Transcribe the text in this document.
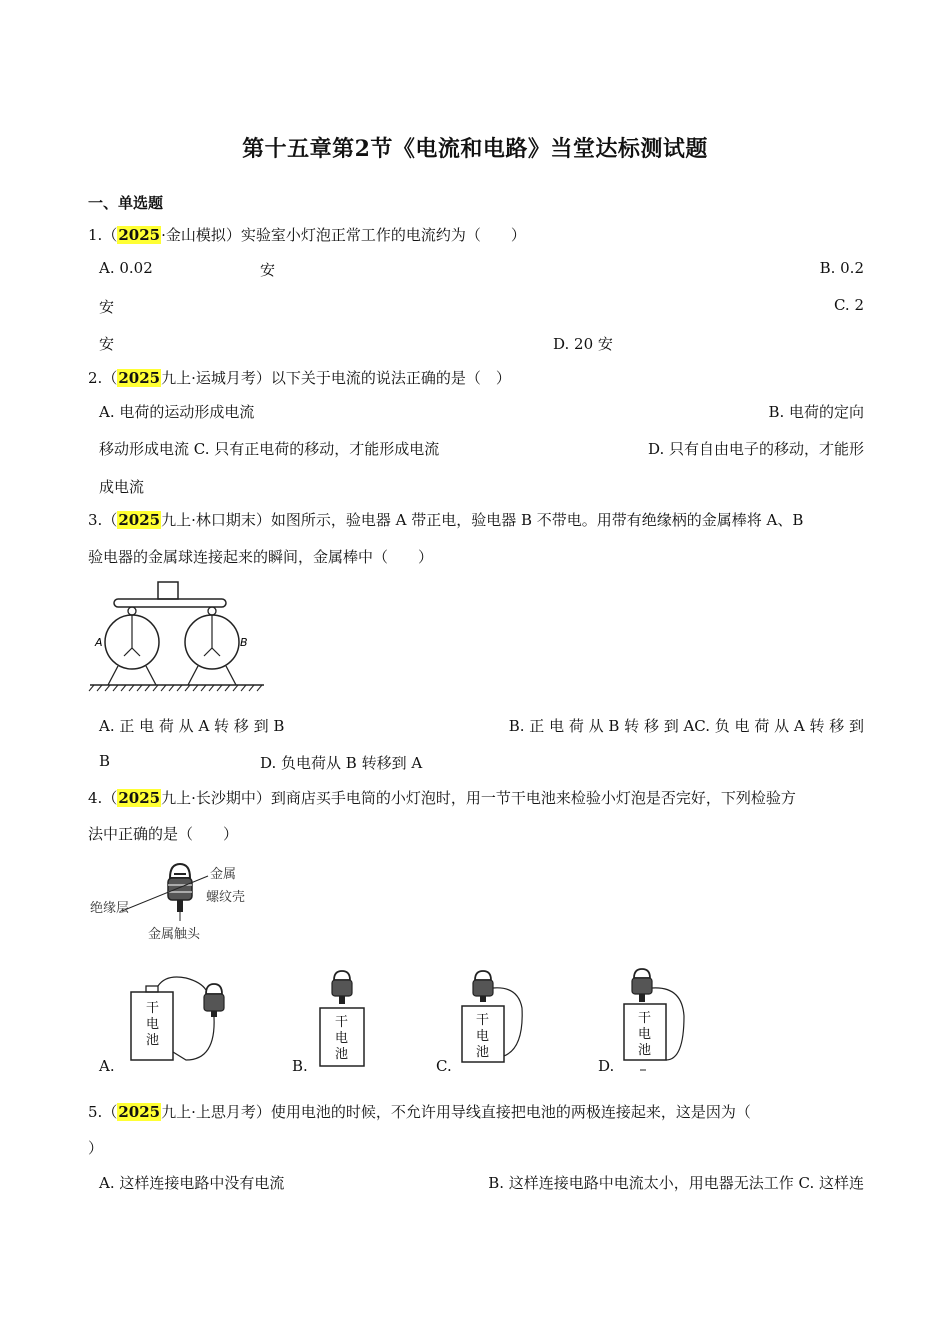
第十五章第2节《电流和电路》当堂达标测试题
一、单选题
1.（2025·金山模拟）实验室小灯泡正常工作的电流约为（　　）
A. 0.02	安	B. 0.2
安	C. 2
安	D. 20 安
2.（2025九上·运城月考）以下关于电流的说法正确的是（　）
A. 电荷的运动形成电流	B. 电荷的定向
移动形成电流 C. 只有正电荷的移动，才能形成电流	D. 只有自由电子的移动，才能形
成电流
3.（2025九上·林口期末）如图所示，验电器 A 带正电，验电器 B 不带电。用带有绝缘柄的金属棒将 A、B
验电器的金属球连接起来的瞬间，金属棒中（　　）
A	B
A. 正 电 荷 从 A 转 移 到 B	B. 正 电 荷 从 B 转 移 到 AC. 负 电 荷 从 A 转 移 到
B	D. 负电荷从 B 转移到 A
4.（2025九上·长沙期中）到商店买手电筒的小灯泡时，用一节干电池来检验小灯泡是否完好，下列检验方
法中正确的是（　　）
金属
螺纹壳
绝缘层
金属触头
干
电
池
干
电
池
干
电
池
干
电
池
A.	B.	C.	D.
5.（2025九上·上思月考）使用电池的时候，不允许用导线直接把电池的两极连接起来，这是因为（
）
A. 这样连接电路中没有电流	B. 这样连接电路中电流太小，用电器无法工作 C. 这样连
